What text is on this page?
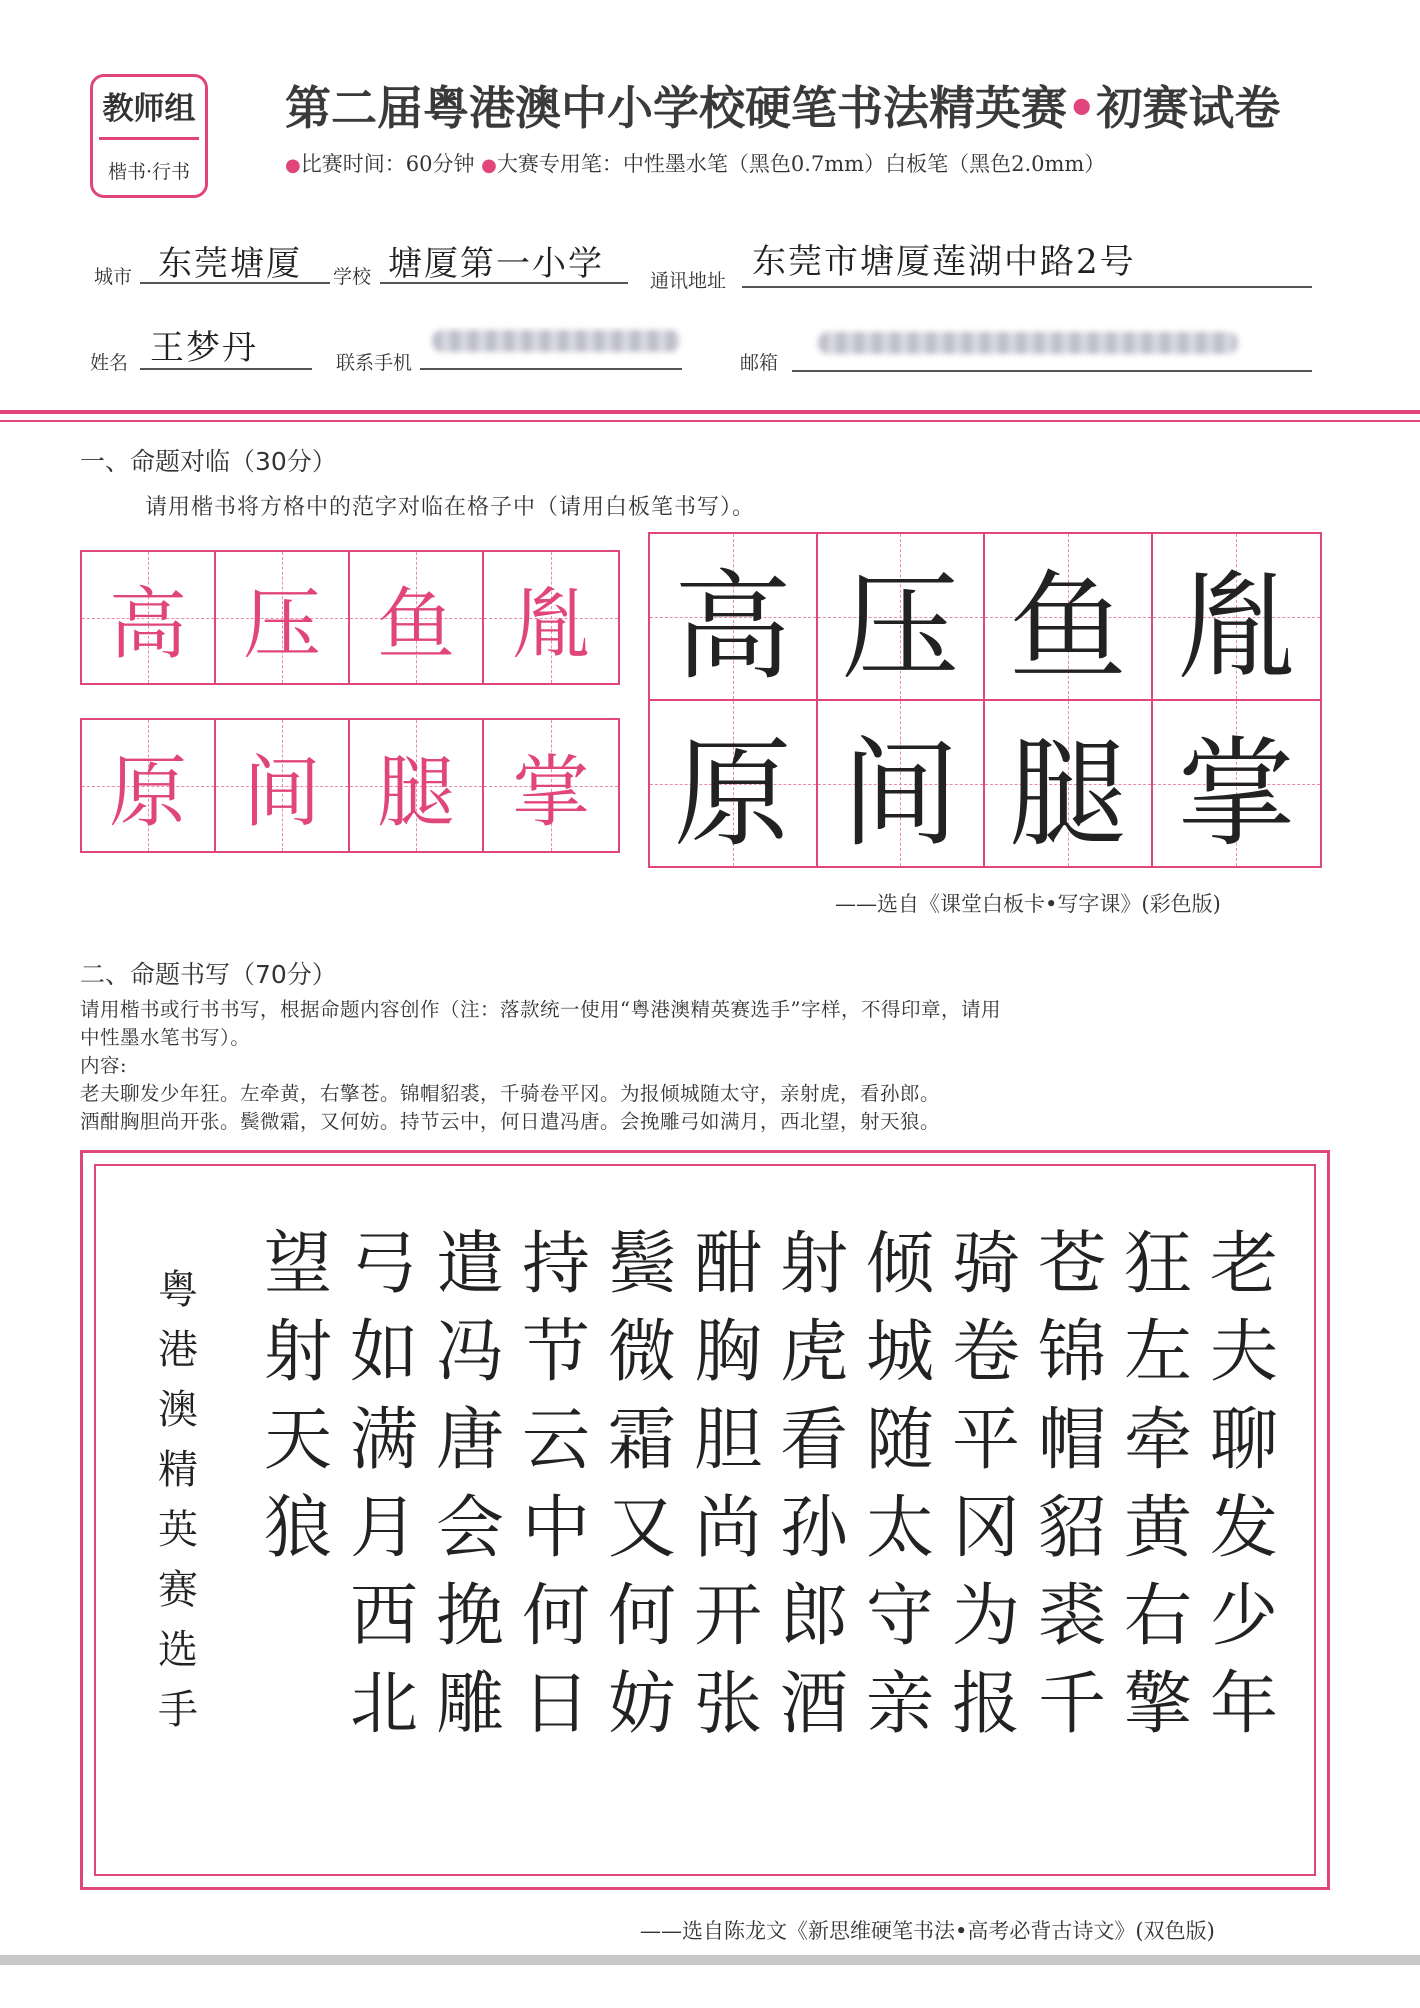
教师组
楷书·行书
第二届粤港澳中小学校硬笔书法精英赛•初赛试卷
●比赛时间：60分钟 ●大赛专用笔：中性墨水笔（黑色0.7mm）白板笔（黑色2.0mm）
城市 东莞塘厦 学校 塘厦第一小学 通讯地址 东莞市塘厦莲湖中路2号
姓名 王梦丹	联系手机	邮箱
一、命题对临（30分）
请用楷书将方格中的范字对临在格子中（请用白板笔书写）。
高 压 鱼 胤
原 间 腿 掌
高 压 鱼 胤
原 间 腿 掌
——选自《课堂白板卡•写字课》(彩色版)
二、命题书写（70分）
请用楷书或行书书写，根据命题内容创作（注：落款统一使用“粤港澳精英赛选手”字样，不得印章，请用
中性墨水笔书写）。
内容:
老夫聊发少年狂。左牵黄，右擎苍。锦帽貂裘，千骑卷平冈。为报倾城随太守，亲射虎，看孙郎。
酒酣胸胆尚开张。鬓微霜，又何妨。持节云中，何日遣冯唐。会挽雕弓如满月，西北望，射天狼。
老
夫
聊
发
少
年
狂
左
牵
黄
右
擎
苍
锦
帽
貂
裘
千
骑
卷
平
冈
为
报
倾
城
随
太
守
亲
射
虎
看
孙
郎
酒
酣
胸
胆
尚
开
张
鬓
微
霜
又
何
妨
持
节
云
中
何
日
遣
冯
唐
会
挽
雕
弓
如
满
月
西
北
望
射
天
狼
粤
港
澳
精
英
赛
选
手
——选自陈龙文《新思维硬笔书法•高考必背古诗文》(双色版)
